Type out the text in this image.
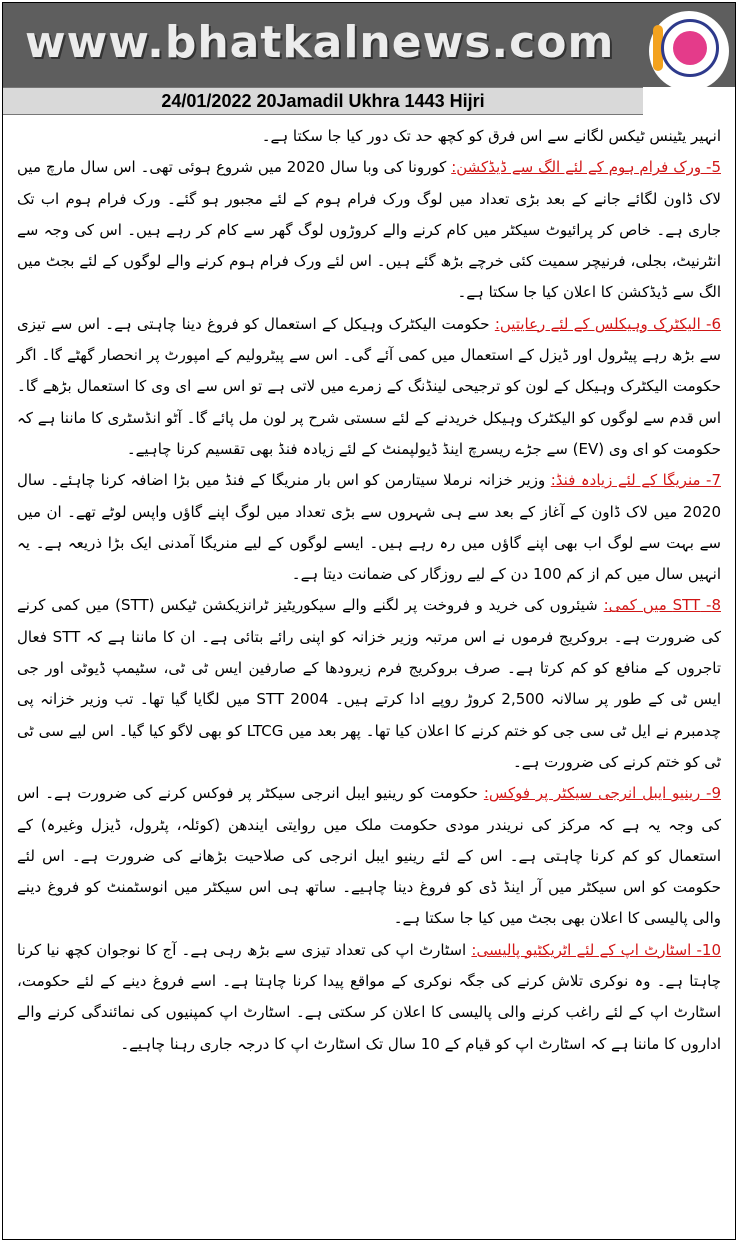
www.bhatkalnews.com
24/01/2022 20Jamadil Ukhra 1443 Hijri

انہیر یٹینس ٹیکس لگانے سے اس فرق کو کچھ حد تک دور کیا جا سکتا ہے۔

5- ورک فرام ہوم کے لئے الگ سے ڈیڈکشن: کورونا کی وبا سال 2020 میں شروع ہوئی تھی۔ اس سال مارچ میں لاک ڈاون لگائے جانے کے بعد بڑی تعداد میں لوگ ورک فرام ہوم کے لئے مجبور ہو گئے۔ ورک فرام ہوم اب تک جاری ہے۔ خاص کر پرائیوٹ سیکٹر میں کام کرنے والے کروڑوں لوگ گھر سے کام کر رہے ہیں۔ اس کی وجہ سے انٹرنیٹ، بجلی، فرنیچر سمیت کئی خرچے بڑھ گئے ہیں۔ اس لئے ورک فرام ہوم کرنے والے لوگوں کے لئے بجٹ میں الگ سے ڈیڈکشن کا اعلان کیا جا سکتا ہے۔

6- الیکٹرک وہیکلس کے لئے رعایتیں: حکومت الیکٹرک وہیکل کے استعمال کو فروغ دینا چاہتی ہے۔ اس سے تیزی سے بڑھ رہے پیٹرول اور ڈیزل کے استعمال میں کمی آئے گی۔ اس سے پیٹرولیم کے امپورٹ پر انحصار گھٹے گا۔ اگر حکومت الیکٹرک وہیکل کے لون کو ترجیحی لینڈنگ کے زمرے میں لاتی ہے تو اس سے ای وی کا استعمال بڑھے گا۔ اس قدم سے لوگوں کو الیکٹرک وہیکل خریدنے کے لئے سستی شرح پر لون مل پائے گا۔ آٹو انڈسٹری کا ماننا ہے کہ حکومت کو ای وی (EV) سے جڑے ریسرچ اینڈ ڈیولپمنٹ کے لئے زیادہ فنڈ بھی تقسیم کرنا چاہیے۔

7- منریگا کے لئے زیادہ فنڈ: وزیر خزانہ نرملا سیتارمن کو اس بار منریگا کے فنڈ میں بڑا اضافہ کرنا چاہئے۔ سال 2020 میں لاک ڈاون کے آغاز کے بعد سے ہی شہروں سے بڑی تعداد میں لوگ اپنے گاؤں واپس لوٹے تھے۔ ان میں سے بہت سے لوگ اب بھی اپنے گاؤں میں رہ رہے ہیں۔ ایسے لوگوں کے لیے منریگا آمدنی ایک بڑا ذریعہ ہے۔ یہ انہیں سال میں کم از کم 100 دن کے لیے روزگار کی ضمانت دیتا ہے۔

8- STT میں کمی: شیئروں کی خرید و فروخت پر لگنے والے سیکوریٹیز ٹرانزیکشن ٹیکس (STT) میں کمی کرنے کی ضرورت ہے۔ بروکریج فرموں نے اس مرتبہ وزیر خزانہ کو اپنی رائے بتائی ہے۔ ان کا ماننا ہے کہ STT فعال تاجروں کے منافع کو کم کرتا ہے۔ صرف بروکریج فرم زیرودھا کے صارفین ایس ٹی ٹی، سٹیمپ ڈیوٹی اور جی ایس ٹی کے طور پر سالانہ 2,500 کروڑ روپے ادا کرتے ہیں۔ STT 2004 میں لگایا گیا تھا۔ تب وزیر خزانہ پی چدمبرم نے ایل ٹی سی جی کو ختم کرنے کا اعلان کیا تھا۔ پھر بعد میں LTCG کو بھی لاگو کیا گیا۔ اس لیے سی ٹی ٹی کو ختم کرنے کی ضرورت ہے۔

9- رینیو ایبل انرجی سیکٹر پر فوکس: حکومت کو رینیو ایبل انرجی سیکٹر پر فوکس کرنے کی ضرورت ہے۔ اس کی وجہ یہ ہے کہ مرکز کی نریندر مودی حکومت ملک میں روایتی ایندھن (کوئلہ، پٹرول، ڈیزل وغیرہ) کے استعمال کو کم کرنا چاہتی ہے۔ اس کے لئے رینیو ایبل انرجی کی صلاحیت بڑھانے کی ضرورت ہے۔ اس لئے حکومت کو اس سیکٹر میں آر اینڈ ڈی کو فروغ دینا چاہیے۔ ساتھ ہی اس سیکٹر میں انوسٹمنٹ کو فروغ دینے والی پالیسی کا اعلان بھی بجٹ میں کیا جا سکتا ہے۔

10- اسٹارٹ اپ کے لئے اٹریکٹیو پالیسی: اسٹارٹ اپ کی تعداد تیزی سے بڑھ رہی ہے۔ آج کا نوجوان کچھ نیا کرنا چاہتا ہے۔ وہ نوکری تلاش کرنے کی جگہ نوکری کے مواقع پیدا کرنا چاہتا ہے۔ اسے فروغ دینے کے لئے حکومت، اسٹارٹ اپ کے لئے راغب کرنے والی پالیسی کا اعلان کر سکتی ہے۔ اسٹارٹ اپ کمپنیوں کی نمائندگی کرنے والے اداروں کا ماننا ہے کہ اسٹارٹ اپ کو قیام کے 10 سال تک اسٹارٹ اپ کا درجہ جاری رہنا چاہیے۔
